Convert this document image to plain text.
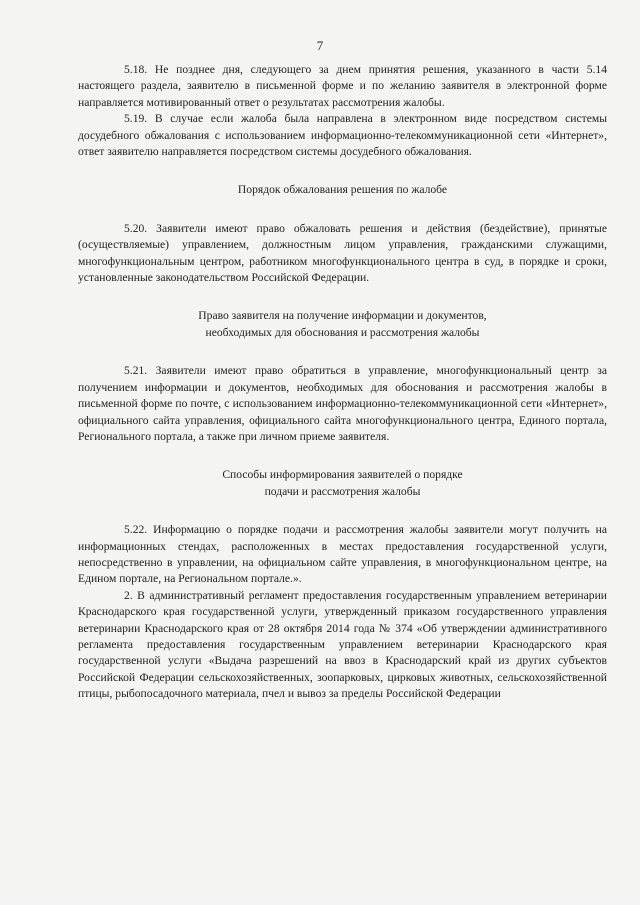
7

5.18. Не позднее дня, следующего за днем принятия решения, указанного в части 5.14 настоящего раздела, заявителю в письменной форме и по желанию заявителя в электронной форме направляется мотивированный ответ о результатах рассмотрения жалобы.

5.19. В случае если жалоба была направлена в электронном виде посредством системы досудебного обжалования с использованием информационно-телекоммуникационной сети «Интернет», ответ заявителю направляется посредством системы досудебного обжалования.

Порядок обжалования решения по жалобе

5.20. Заявители имеют право обжаловать решения и действия (бездействие), принятые (осуществляемые) управлением, должностным лицом управления, гражданскими служащими, многофункциональным центром, работником многофункционального центра в суд, в порядке и сроки, установленные законодательством Российской Федерации.

Право заявителя на получение информации и документов,
необходимых для обоснования и рассмотрения жалобы

5.21. Заявители имеют право обратиться в управление, многофункциональный центр за получением информации и документов, необходимых для обоснования и рассмотрения жалобы в письменной форме по почте, с использованием информационно-телекоммуникационной сети «Интернет», официального сайта управления, официального сайта многофункционального центра, Единого портала, Регионального портала, а также при личном приеме заявителя.

Способы информирования заявителей о порядке
подачи и рассмотрения жалобы

5.22. Информацию о порядке подачи и рассмотрения жалобы заявители могут получить на информационных стендах, расположенных в местах предоставления государственной услуги, непосредственно в управлении, на официальном сайте управления, в многофункциональном центре, на Едином портале, на Региональном портале.».

2. В административный регламент предоставления государственным управлением ветеринарии Краснодарского края государственной услуги, утвержденный приказом государственного управления ветеринарии Краснодарского края от 28 октября 2014 года № 374 «Об утверждении административного регламента предоставления государственным управлением ветеринарии Краснодарского края государственной услуги «Выдача разрешений на ввоз в Краснодарский край из других субъектов Российской Федерации сельскохозяйственных, зоопарковых, цирковых животных, сельскохозяйственной птицы, рыбопосадочного материала, пчел и вывоз за пределы Российской Федерации
